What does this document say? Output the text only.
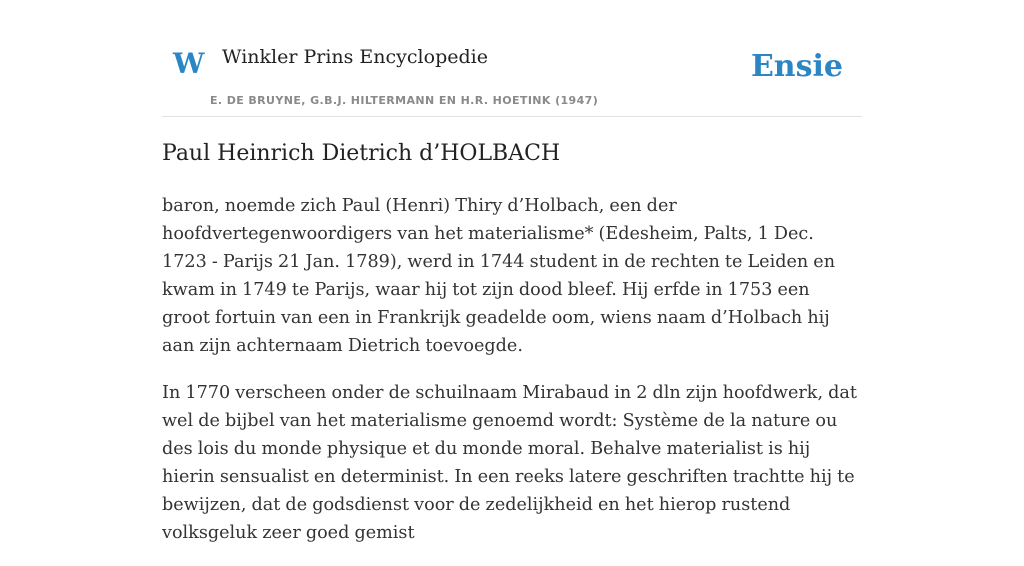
W Winkler Prins Encyclopedie
E. DE BRUYNE, G.B.J. HILTERMANN EN H.R. HOETINK (1947)
Ensie
Paul Heinrich Dietrich d’HOLBACH

baron, noemde zich Paul (Henri) Thiry d’Holbach, een der hoofdvertegenwoordigers van het materialisme* (Edesheim, Palts, 1 Dec. 1723 - Parijs 21 Jan. 1789), werd in 1744 student in de rechten te Leiden en kwam in 1749 te Parijs, waar hij tot zijn dood bleef. Hij erfde in 1753 een groot fortuin van een in Frankrijk geadelde oom, wiens naam d’Holbach hij aan zijn achternaam Dietrich toevoegde.

In 1770 verscheen onder de schuilnaam Mirabaud in 2 dln zijn hoofdwerk, dat wel de bijbel van het materialisme genoemd wordt: Système de la nature ou des lois du monde physique et du monde moral. Behalve materialist is hij hierin sensualist en determinist. In een reeks latere geschriften trachtte hij te bewijzen, dat de godsdienst voor de zedelijkheid en het hierop rustend volksgeluk zeer goed gemist
